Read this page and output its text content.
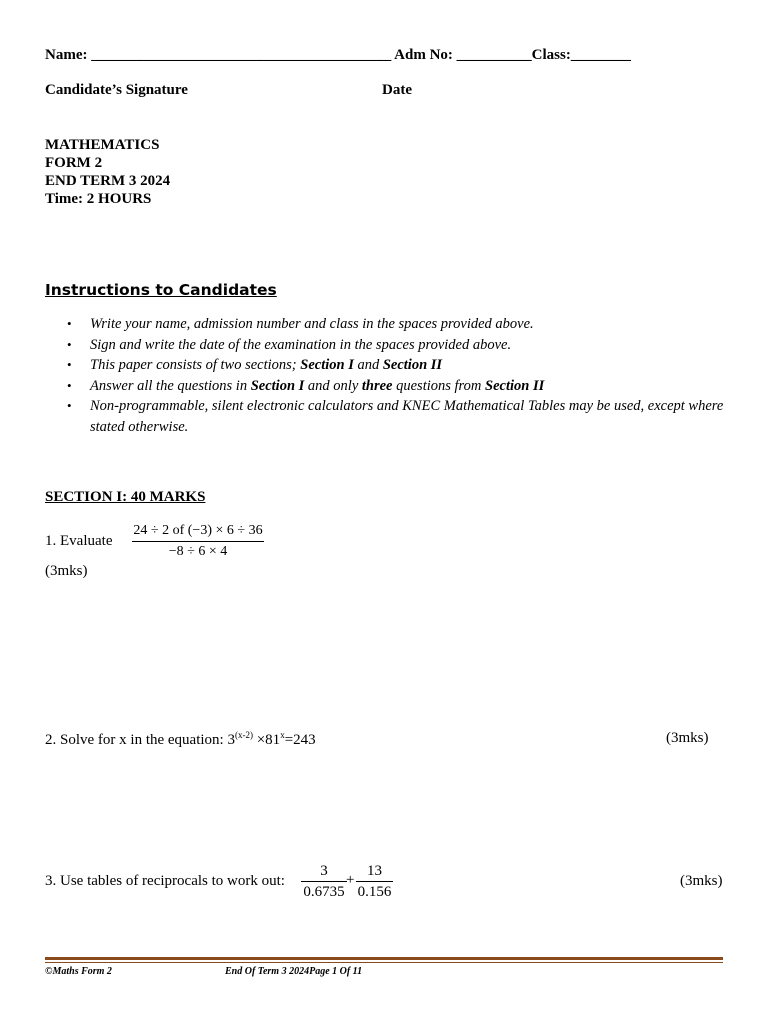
Name: ________________________________________ Adm No: __________Class:________
Candidate’s Signature	Date
MATHEMATICS
FORM 2
END TERM 3 2024
Time: 2 HOURS
Instructions to Candidates
• Write your name, admission number and class in the spaces provided above.
• Sign and write the date of the examination in the spaces provided above.
• This paper consists of two sections; Section I and Section II
• Answer all the questions in Section I and only three questions from Section II
• Non-programmable, silent electronic calculators and KNEC Mathematical Tables may be used, except where stated otherwise.
SECTION I: 40 MARKS
1. Evaluate
24 ÷ 2 of (−3) × 6 ÷ 36
−8 ÷ 6 × 4
(3mks)
2. Solve for x in the equation: $3^{(x-2)} \times 81^x=243$	(3mks)
3. Use tables of reciprocals to work out:
3
0.6735
+
13
0.156
(3mks)
©Maths Form 2	End Of Term 3 2024Page 1 Of 11
